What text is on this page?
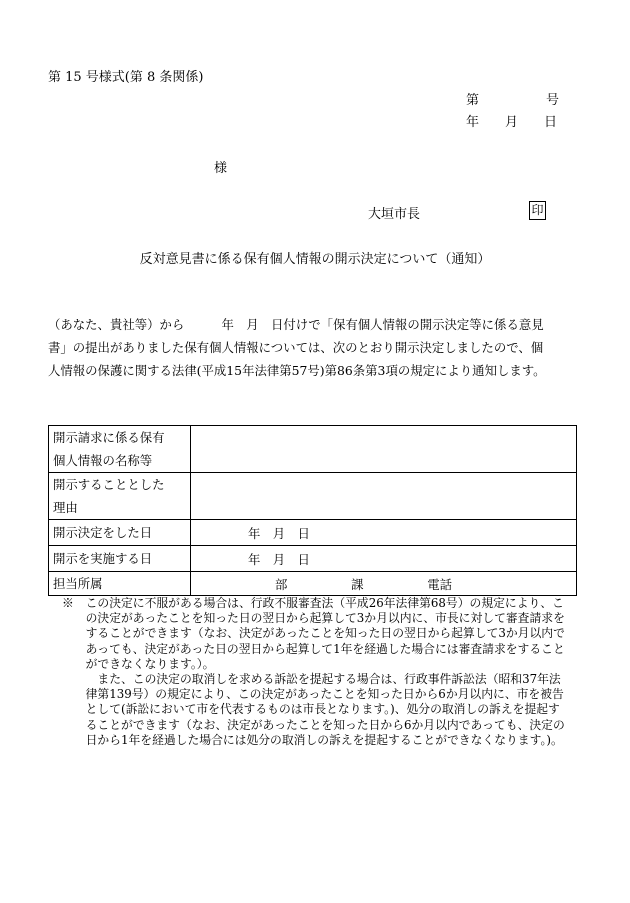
第 15 号様式(第 8 条関係)
第	号
年　　月　　日
様
大垣市長	印
反対意見書に係る保有個人情報の開示決定について（通知）
（あなた、貴社等）から　　　年　月　日付けで「保有個人情報の開示決定等に係る意見
書」の提出がありました保有個人情報については、次のとおり開示決定しましたので、個
人情報の保護に関する法律(平成15年法律第57号)第86条第3項の規定により通知します。
開示請求に係る保有
個人情報の名称等	

開示することとした
理由	

開示決定をした日	年　月　日
開示を実施する日	年　月　日
担当所属	部 課 電話
※　この決定に不服がある場合は、行政不服審査法（平成26年法律第68号）の規定により、こ
　　の決定があったことを知った日の翌日から起算して3か月以内に、市長に対して審査請求を
　　することができます（なお、決定があったことを知った日の翌日から起算して3か月以内で
　　あっても、決定があった日の翌日から起算して1年を経過した場合には審査請求をすること
　　ができなくなります。）。
　　　また、この決定の取消しを求める訴訟を提起する場合は、行政事件訴訟法（昭和37年法
　　律第139号）の規定により、この決定があったことを知った日から6か月以内に、市を被告
　　として(訴訟において市を代表するものは市長となります。)、処分の取消しの訴えを提起す
　　ることができます（なお、決定があったことを知った日から6か月以内であっても、決定の
　　日から1年を経過した場合には処分の取消しの訴えを提起することができなくなります。)。
